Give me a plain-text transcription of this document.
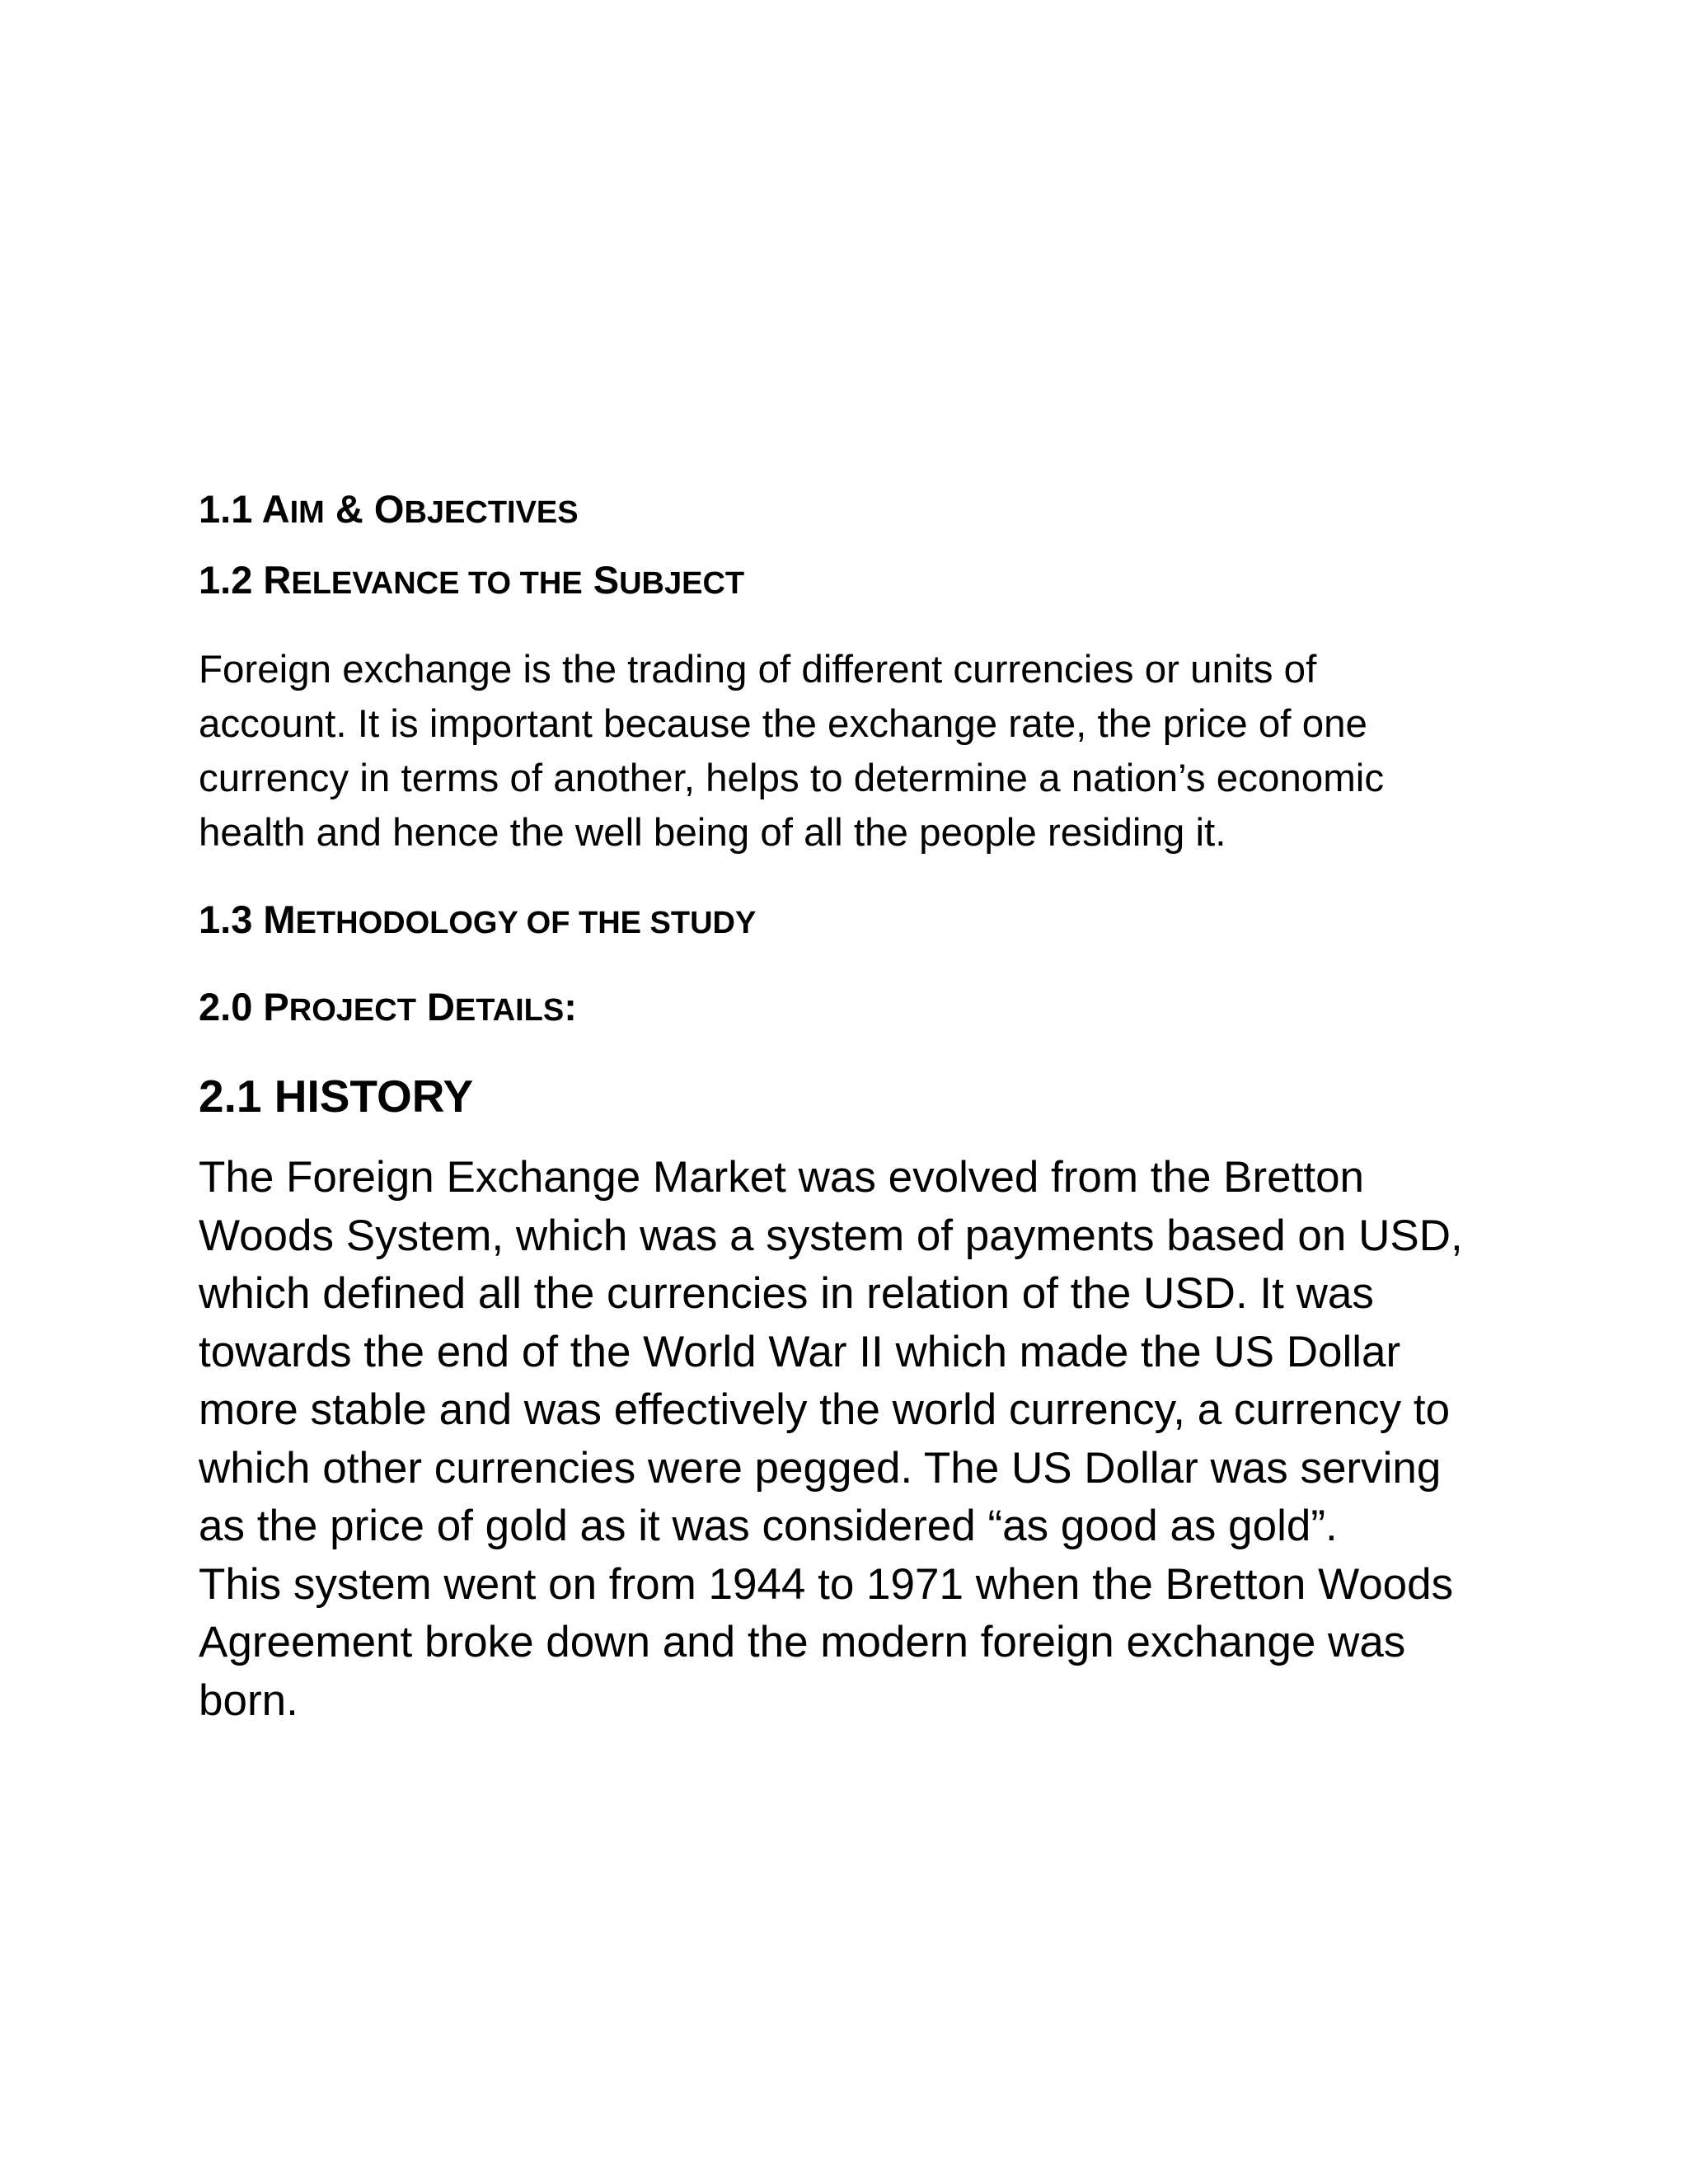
1.1 AIM & OBJECTIVES
1.2 RELEVANCE TO THE SUBJECT

Foreign exchange is the trading of different currencies or units of
account. It is important because the exchange rate, the price of one
currency in terms of another, helps to determine a nation’s economic
health and hence the well being of all the people residing it.

1.3 METHODOLOGY OF THE STUDY
2.0 PROJECT DETAILS:
2.1 HISTORY

The Foreign Exchange Market was evolved from the Bretton
Woods System, which was a system of payments based on USD,
which defined all the currencies in relation of the USD. It was
towards the end of the World War II which made the US Dollar
more stable and was effectively the world currency, a currency to
which other currencies were pegged. The US Dollar was serving
as the price of gold as it was considered “as good as gold”.
This system went on from 1944 to 1971 when the Bretton Woods
Agreement broke down and the modern foreign exchange was
born.
